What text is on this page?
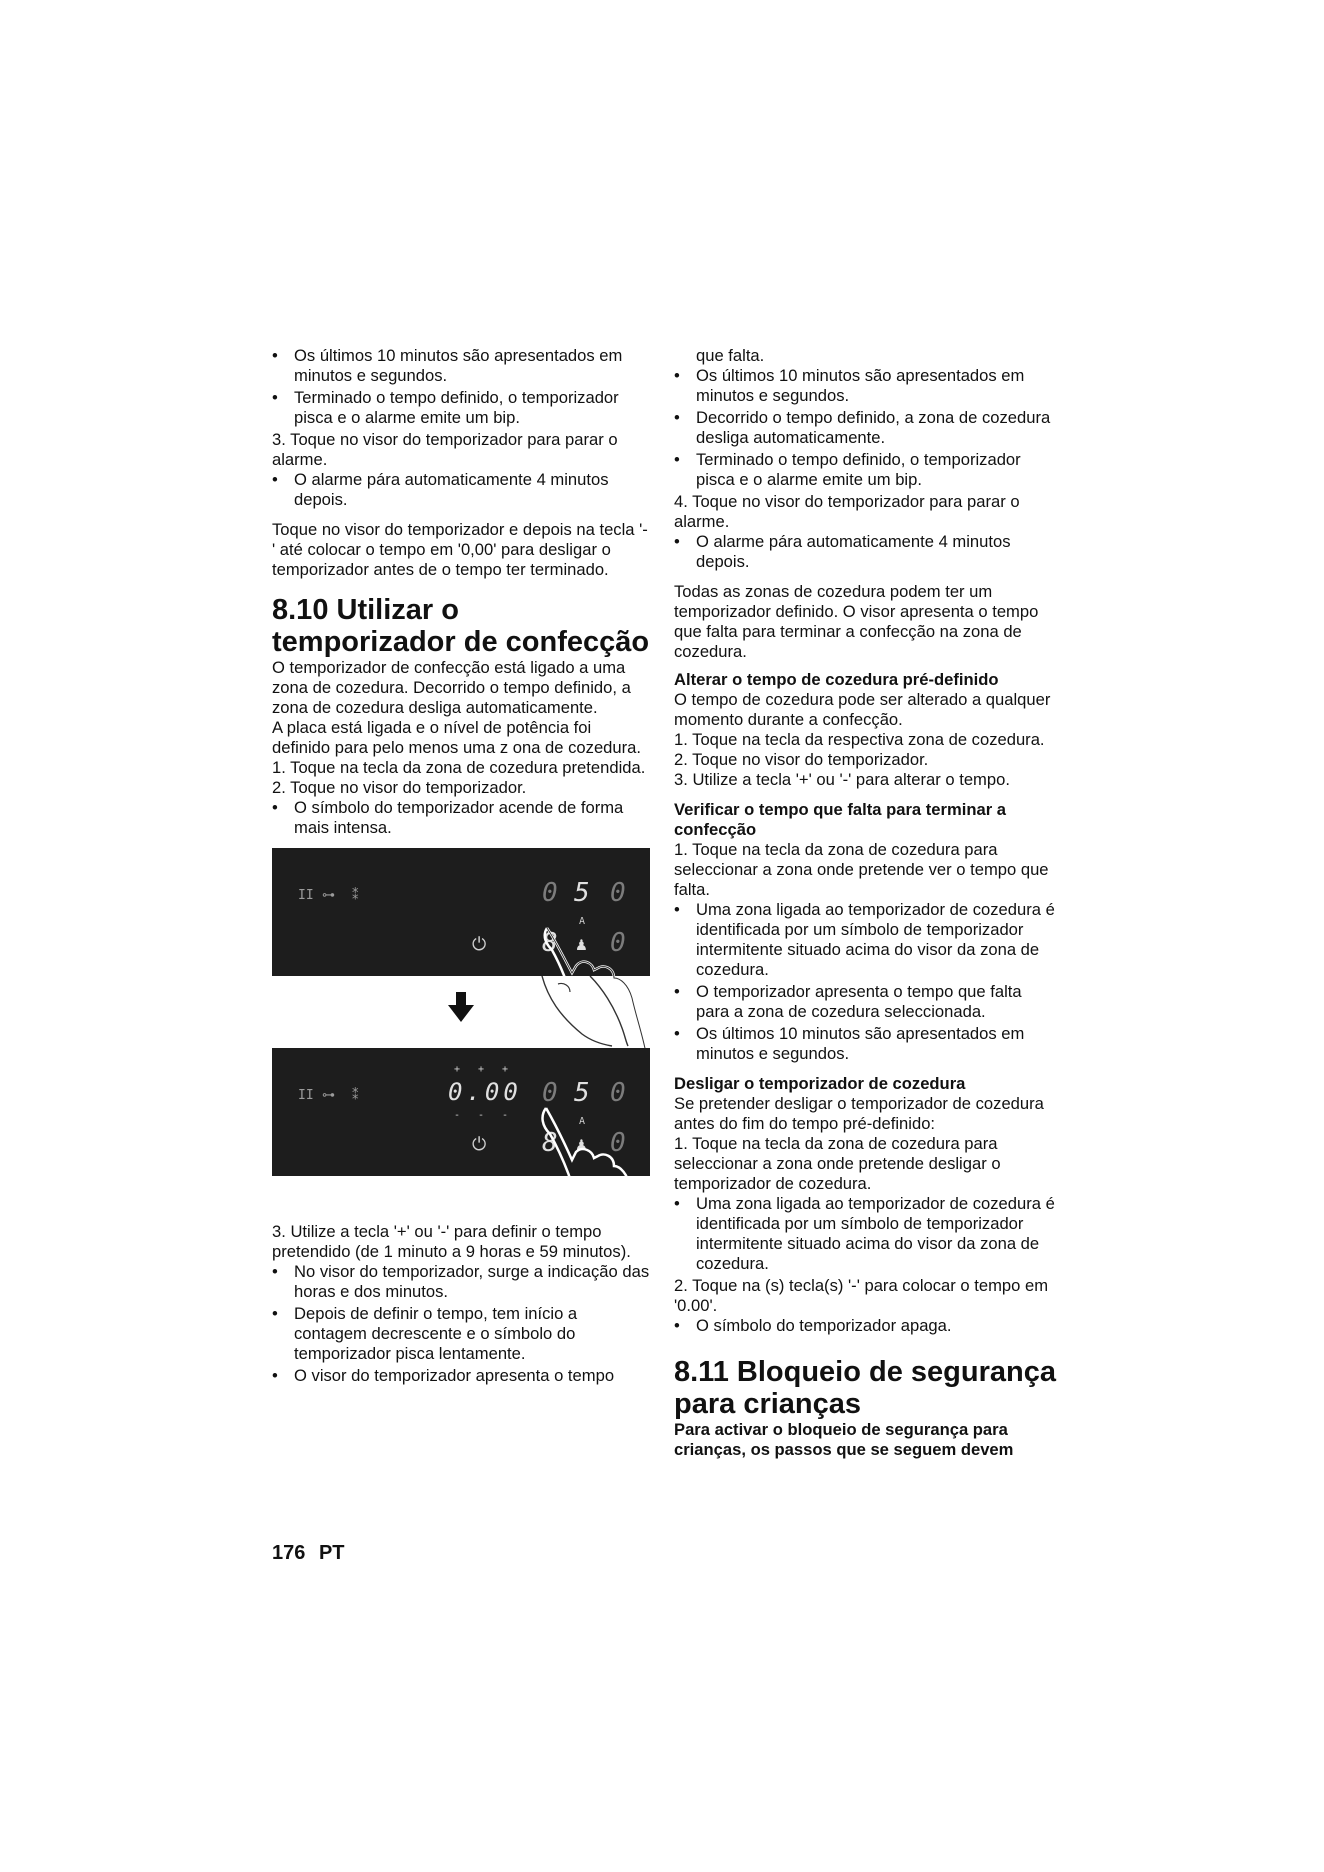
• Os últimos 10 minutos são apresentados em minutos e segundos.
• Terminado o tempo definido, o temporizador pisca e o alarme emite um bip.
3. Toque no visor do temporizador para parar o alarme.
• O alarme pára automaticamente 4 minutos depois.

Toque no visor do temporizador e depois na tecla '-' até colocar o tempo em '0,00' para desligar o temporizador antes de o tempo ter terminado.

8.10 Utilizar o temporizador de confecção

O temporizador de confecção está ligado a uma zona de cozedura. Decorrido o tempo definido, a zona de cozedura desliga automaticamente.

A placa está ligada e o nível de potência foi definido para pelo menos uma z ona de cozedura.

1. Toque na tecla da zona de cozedura pretendida.
2. Toque no visor do temporizador.
• O símbolo do temporizador acende de forma mais intensa.
II ⊶ ⁑	0 5 0
A
⏻ 8 ♟ 0
II ⊶ ⁑
+ + +
0.00
- - -
0 5 0
A
⏻ 8 ♟ 0
3. Utilize a tecla '+' ou '-' para definir o tempo pretendido (de 1 minuto a 9 horas e 59 minutos).
• No visor do temporizador, surge a indicação das horas e dos minutos.
• Depois de definir o tempo, tem início a contagem decrescente e o símbolo do temporizador pisca lentamente.
• O visor do temporizador apresenta o tempo
que falta.
• Os últimos 10 minutos são apresentados em minutos e segundos.
• Decorrido o tempo definido, a zona de cozedura desliga automaticamente.
• Terminado o tempo definido, o temporizador pisca e o alarme emite um bip.
4. Toque no visor do temporizador para parar o alarme.
• O alarme pára automaticamente 4 minutos depois.

Todas as zonas de cozedura podem ter um temporizador definido. O visor apresenta o tempo que falta para terminar a confecção na zona de cozedura.

Alterar o tempo de cozedura pré-definido

O tempo de cozedura pode ser alterado a qualquer momento durante a confecção.

1. Toque na tecla da respectiva zona de cozedura.
2. Toque no visor do temporizador.
3. Utilize a tecla '+' ou '-' para alterar o tempo.
Verificar o tempo que falta para terminar a confecção
1. Toque na tecla da zona de cozedura para seleccionar a zona onde pretende ver o tempo que falta.
• Uma zona ligada ao temporizador de cozedura é identificada por um símbolo de temporizador intermitente situado acima do visor da zona de cozedura.
• O temporizador apresenta o tempo que falta para a zona de cozedura seleccionada.
• Os últimos 10 minutos são apresentados em minutos e segundos.
Desligar o temporizador de cozedura

Se pretender desligar o temporizador de cozedura antes do fim do tempo pré-definido:

1. Toque na tecla da zona de cozedura para seleccionar a zona onde pretende desligar o temporizador de cozedura.
• Uma zona ligada ao temporizador de cozedura é identificada por um símbolo de temporizador intermitente situado acima do visor da zona de cozedura.
2. Toque na (s) tecla(s) '-' para colocar o tempo em '0.00'.
• O símbolo do temporizador apaga.
8.11 Bloqueio de segurança para crianças

Para activar o bloqueio de segurança para crianças, os passos que se seguem devem

176 PT
